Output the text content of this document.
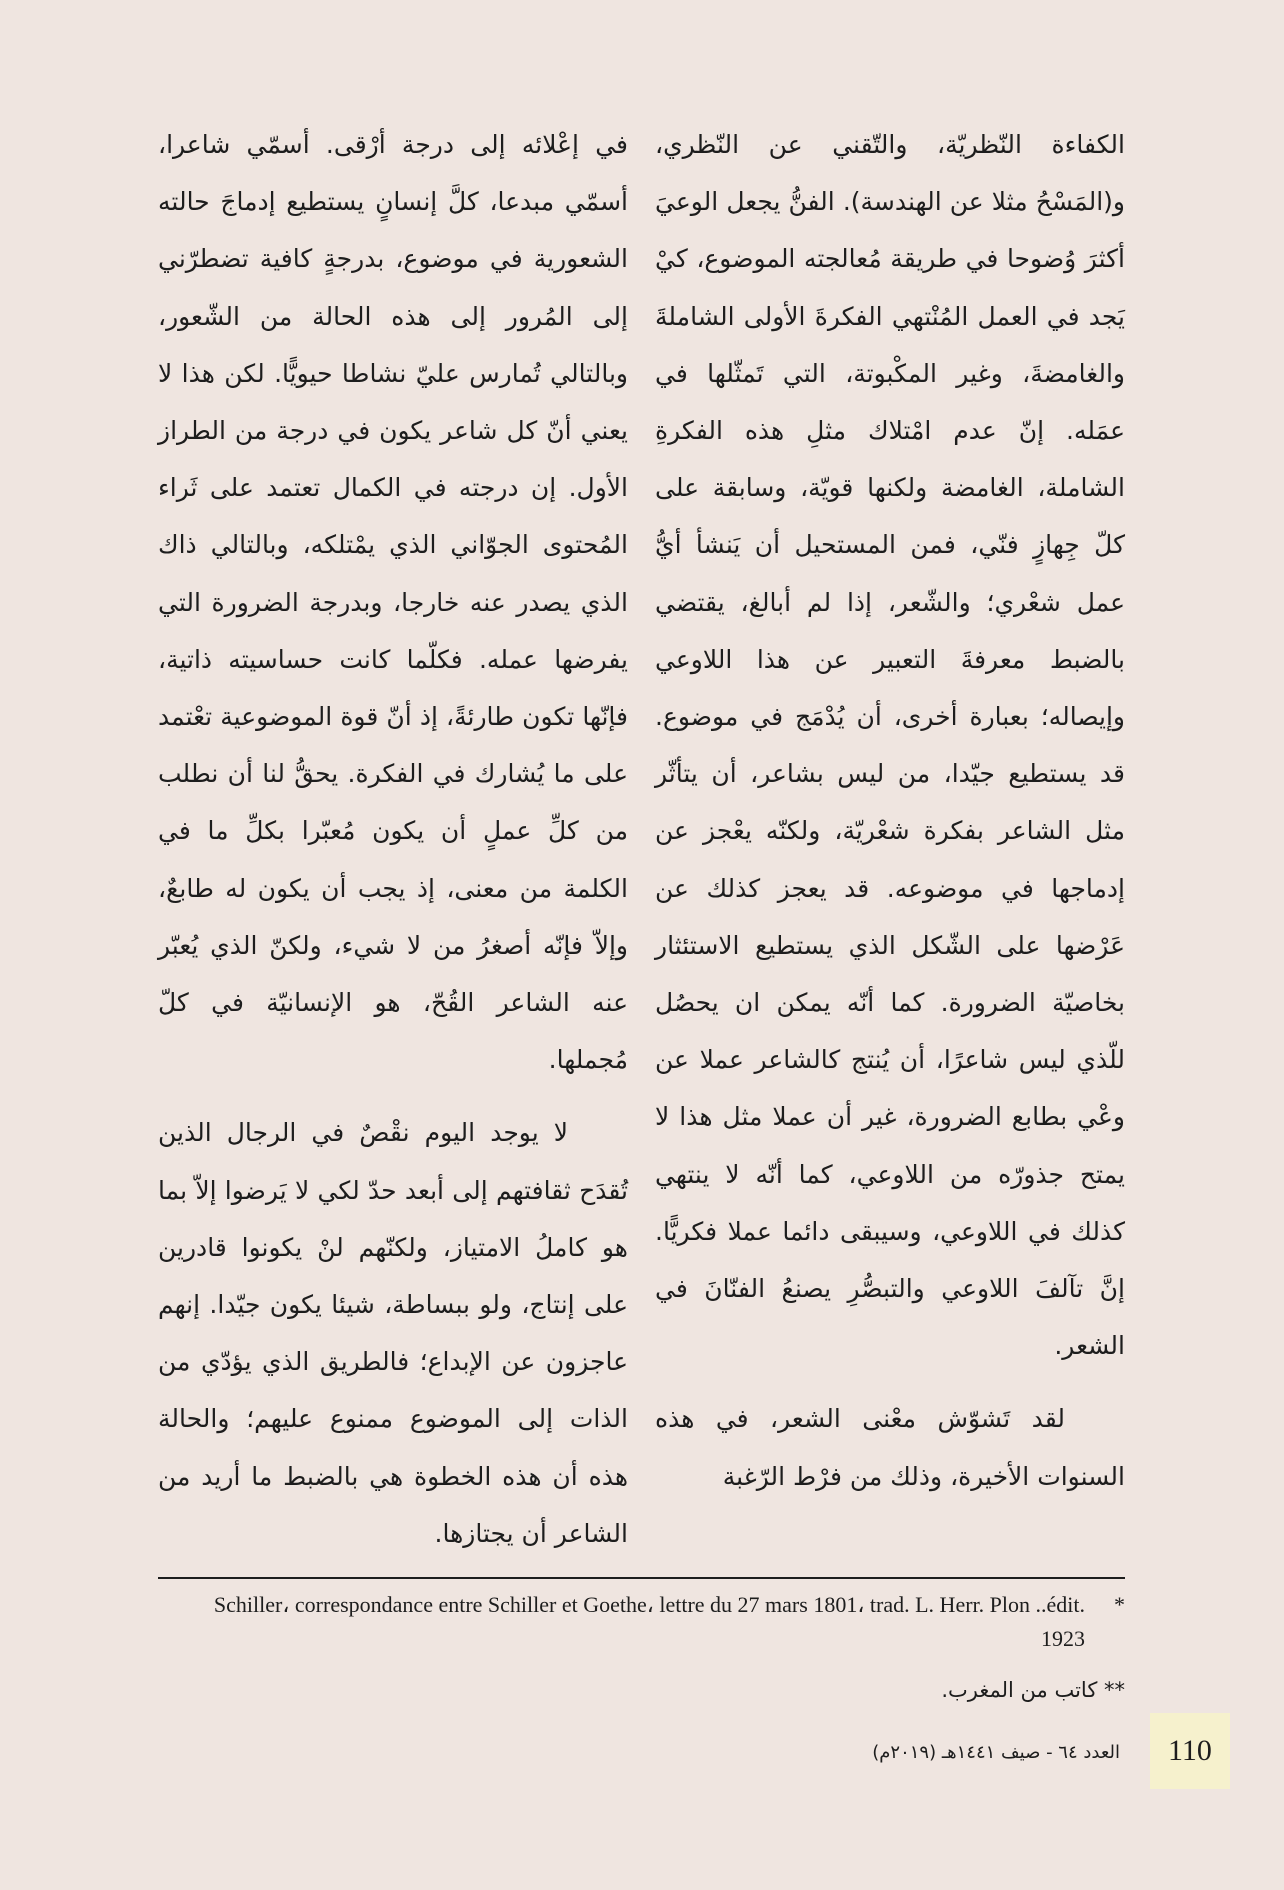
الكفاءة النّظريّة، والتّقني عن النّظري، و(المَسْحُ مثلا عن الهندسة). الفنُّ يجعل الوعيَ أكثرَ وُضوحا في طريقة مُعالجته الموضوع، كيْ يَجد في العمل المُنْتهي الفكرةَ الأولى الشاملةَ والغامضةَ، وغير المكْبوتة، التي تَمثّلها في عمَله. إنّ عدم امْتلاك مثلِ هذه الفكرةِ الشاملة، الغامضة ولكنها قويّة، وسابقة على كلّ جِهازٍ فنّي، فمن المستحيل أن يَنشأ أيُّ عمل شعْري؛ والشّعر، إذا لم أبالغ، يقتضي بالضبط معرفةَ التعبير عن هذا اللاوعي وإيصاله؛ بعبارة أخرى، أن يُدْمَج في موضوع. قد يستطيع جيّدا، من ليس بشاعر، أن يتأثّر مثل الشاعر بفكرة شعْريّة، ولكنّه يعْجز عن إدماجها في موضوعه. قد يعجز كذلك عن عَرْضها على الشّكل الذي يستطيع الاستئثار بخاصيّة الضرورة. كما أنّه يمكن ان يحصُل للّذي ليس شاعرًا، أن يُنتج كالشاعر عملا عن وعْي بطابع الضرورة، غير أن عملا مثل هذا لا يمتح جذورّه من اللاوعي، كما أنّه لا ينتهي كذلك في اللاوعي، وسيبقى دائما عملا فكريًّا. إنَّ تآلفَ اللاوعي والتبصُّرِ يصنعُ الفنّانَ في الشعر.

لقد تَشوّش معْنى الشعر، في هذه السنوات الأخيرة، وذلك من فرْط الرّغبة

في إعْلائه إلى درجة أرْقى. أسمّي شاعرا، أسمّي مبدعا، كلَّ إنسانٍ يستطيع إدماجَ حالته الشعورية في موضوع، بدرجةٍ كافية تضطرّني إلى المُرور إلى هذه الحالة من الشّعور، وبالتالي تُمارس عليّ نشاطا حيويًّا. لكن هذا لا يعني أنّ كل شاعر يكون في درجة من الطراز الأول. إن درجته في الكمال تعتمد على ثَراء المُحتوى الجوّاني الذي يمْتلكه، وبالتالي ذاك الذي يصدر عنه خارجا، وبدرجة الضرورة التي يفرضها عمله. فكلّما كانت حساسيته ذاتية، فإنّها تكون طارئةً، إذ أنّ قوة الموضوعية تعْتمد على ما يُشارك في الفكرة. يحقُّ لنا أن نطلب من كلِّ عملٍ أن يكون مُعبّرا بكلِّ ما في الكلمة من معنى، إذ يجب أن يكون له طابعٌ، وإلاّ فإنّه أصغرُ من لا شيء، ولكنّ الذي يُعبّر عنه الشاعر القُحّ، هو الإنسانيّة في كلّ مُجملها.

لا يوجد اليوم نقْصٌ في الرجال الذين تُقدَح ثقافتهم إلى أبعد حدّ لكي لا يَرضوا إلاّ بما هو كاملُ الامتياز، ولكنّهم لنْ يكونوا قادرين على إنتاج، ولو ببساطة، شيئا يكون جيّدا. إنهم عاجزون عن الإبداع؛ فالطريق الذي يؤدّي من الذات إلى الموضوع ممنوع عليهم؛ والحالة هذه أن هذه الخطوة هي بالضبط ما أريد من الشاعر أن يجتازها.

*Schiller، correspondance entre Schiller et Goethe، lettre du 27 mars 1801، trad. L. Herr. Plon ..édit. 1923
** كاتب من المغرب.
110
العدد ٦٤ - صيف ١٤٤١هـ (٢٠١٩م)
